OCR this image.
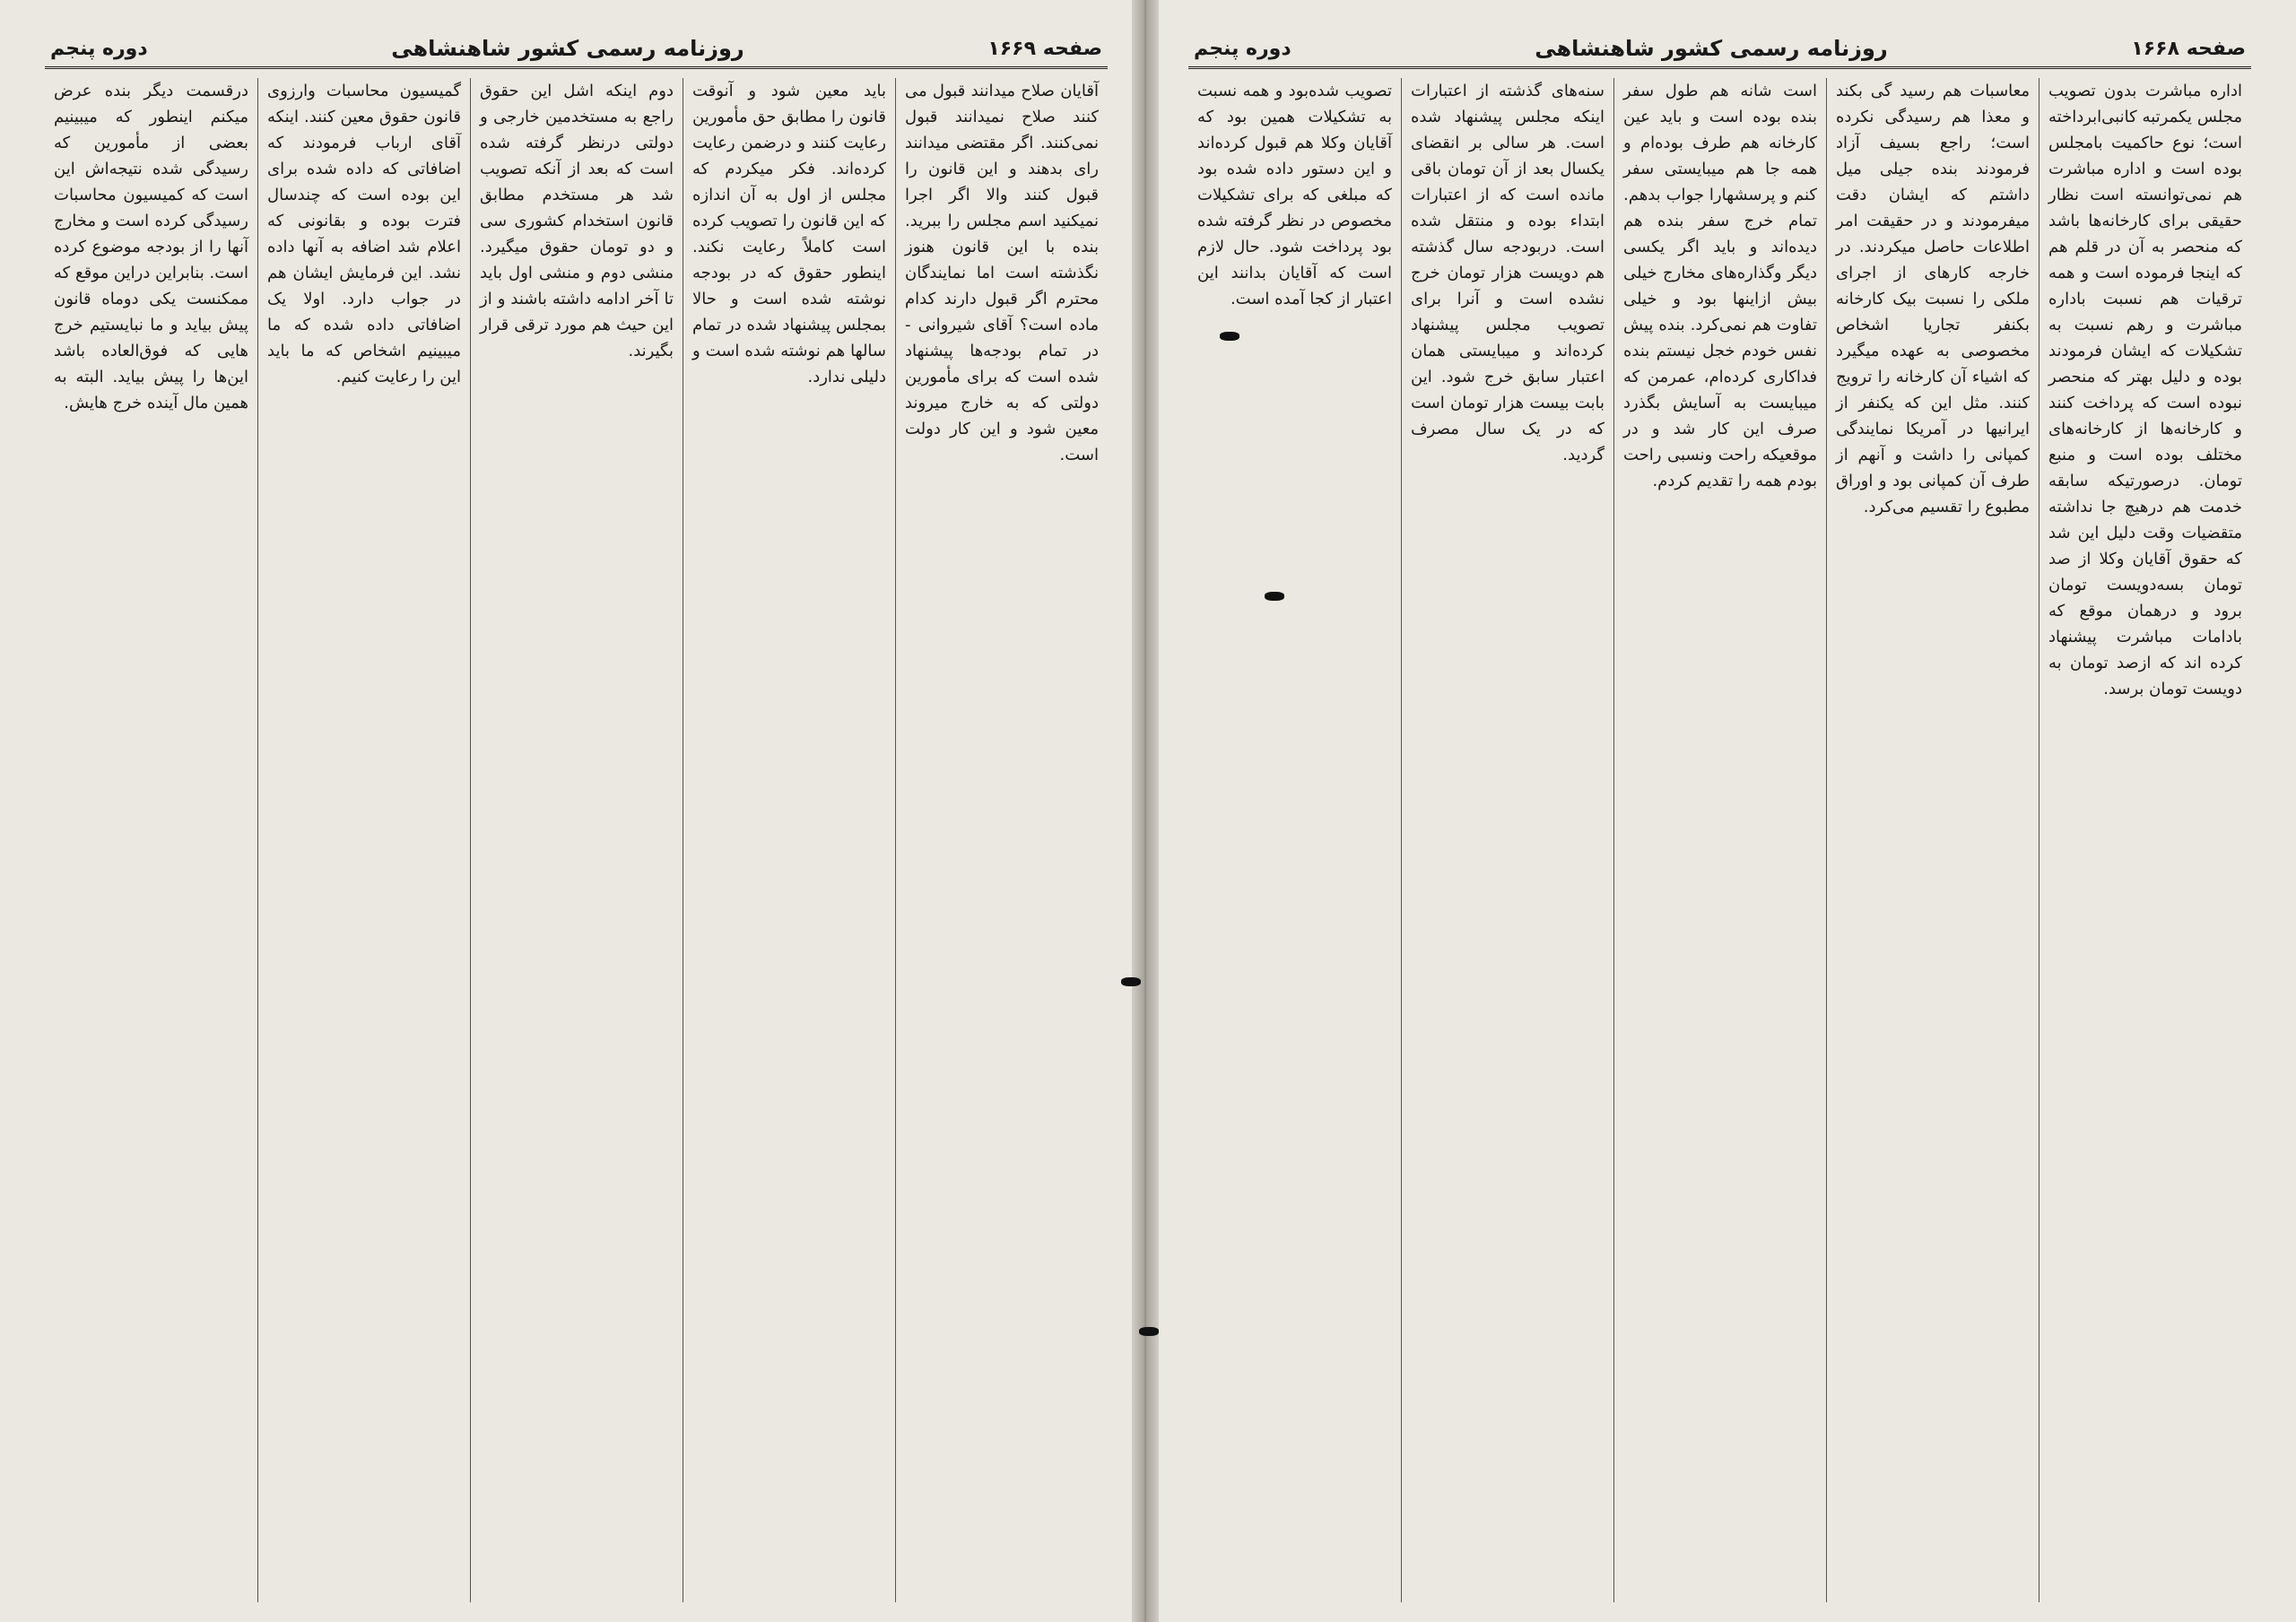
صفحه ۱۶۶۸
روزنامه رسمی کشور شاهنشاهی
دوره پنجم

اداره مباشرت بدون تصویب مجلس یکمرتبه کانبی‌ابرداخته است؛ نوع حاکمیت بامجلس بوده است و اداره مباشرت هم نمی‌توانسته است نظار حقیقی برای کارخانه‌ها باشد که منحصر به آن در قلم هم که اینجا فرموده است و همه ترقیات هم نسبت باداره مباشرت و رهم نسبت به تشکیلات که ایشان فرمودند بوده و دلیل بهتر که منحصر نبوده است که پرداخت کنند و کارخانه‌ها از کارخانه‌های مختلف بوده است و منبع تومان. درصورتیکه سابقه خدمت هم درهیچ جا نداشته متقضیات وقت دلیل این شد که حقوق آقایان وکلا از صد تومان بسه‌دویست تومان برود و درهمان موقع که بادامات مباشرت پیشنهاد کرده اند که ازصد تومان به دویست تومان برسد.

معاسبات هم رسید گی بکند و معذا هم رسیدگی نکرده است؛ راجع بسیف آزاد فرمودند بنده جیلی میل داشتم که ایشان دقت میفرمودند و در حقیقت امر اطلاعات حاصل میکردند. در خارجه کارهای از اجرای ملکی را نسبت بیک کارخانه بکنفر تجاریا اشخاص مخصوصی به عهده میگیرد که اشیاء آن کارخانه را ترویج کنند. مثل این که یکنفر از ایرانیها در آمریکا نمایندگی کمپانی را داشت و آنهم از طرف آن کمپانی بود و اوراق مطبوع را تقسیم می‌کرد.

است شانه هم طول سفر بنده بوده است و باید عین کارخانه هم طرف بوده‌ام و همه جا هم میبایستی سفر کنم و پرسشهارا جواب بدهم. تمام خرج سفر بنده هم دیده‌اند و باید اگر یکسی دیگر وگذاره‌های مخارج خیلی بیش ازاینها بود و خیلی تفاوت هم نمی‌کرد. بنده پیش نفس خودم خجل نیستم بنده فداکاری کرده‌ام، عمرمن که میبایست به آسایش بگذرد صرف این کار شد و در موقعیکه راحت ونسبی راحت بودم همه را تقدیم کردم.

سنه‌های گذشته از اعتبارات اینکه مجلس پیشنهاد شده است. هر سالی بر انقضای یکسال بعد از آن تومان باقی مانده است که از اعتبارات ابتداء بوده و منتقل شده است. دربودجه سال گذشته هم دویست هزار تومان خرج نشده است و آنرا برای تصویب مجلس پیشنهاد کرده‌اند و میبایستی همان اعتبار سابق خرج شود. این بابت بیست هزار تومان است که در یک سال مصرف گردید.

تصویب شده‌بود و همه نسبت به تشکیلات همین بود که آقایان وکلا هم قبول کرده‌اند و این دستور داده شده بود که مبلغی که برای تشکیلات مخصوص در نظر گرفته شده بود پرداخت شود. حال لازم است که آقایان بدانند این اعتبار از کجا آمده است.

صفحه ۱۶۶۹
روزنامه رسمی کشور شاهنشاهی
دوره پنجم

آقایان صلاح میدانند قبول می کنند صلاح نمیدانند قبول نمی‌کنند. اگر مقتضی میدانند رای بدهند و این قانون را قبول کنند والا اگر اجرا نمیکنید اسم مجلس را ببرید. بنده با این قانون هنوز نگذشته است اما نمایندگان محترم اگر قبول دارند کدام ماده است؟ آقای شیروانی - در تمام بودجه‌ها پیشنهاد شده است که برای مأمورین دولتی که به خارج میروند معین شود و این کار دولت است.

باید معین شود و آنوقت قانون را مطابق حق مأمورین رعایت کنند و درضمن رعایت کرده‌اند. فکر میکردم که مجلس از اول به آن اندازه که این قانون را تصویب کرده است کاملاً رعایت نکند. اینطور حقوق که در بودجه نوشته شده است و حالا بمجلس پیشنهاد شده در تمام سالها هم نوشته شده است و دلیلی ندارد.

دوم اینکه اشل این حقوق راجع به مستخدمین خارجی و دولتی درنظر گرفته شده است که بعد از آنکه تصویب شد هر مستخدم مطابق قانون استخدام کشوری سی و دو تومان حقوق میگیرد. منشی دوم و منشی اول باید تا آخر ادامه داشته باشند و از این حیث هم مورد ترقی قرار بگیرند.

گمیسیون محاسبات وارزوی قانون حقوق معین کنند. اینکه آقای ارباب فرمودند که اضافاتی که داده شده برای این بوده است که چندسال فترت بوده و بقانونی که اعلام شد اضافه به آنها داده نشد. این فرمایش ایشان هم در جواب دارد. اولا یک اضافاتی داده شده که ما میبینیم اشخاص که ما باید این را رعایت کنیم.

درقسمت دیگر بنده عرض میکنم اینطور که میبینیم بعضی از مأمورین که رسیدگی شده نتیجه‌اش این است که کمیسیون محاسبات رسیدگی کرده است و مخارج آنها را از بودجه موضوع کرده است. بنابراین دراین موقع که ممکنست یکی دوماه قانون پیش بیاید و ما نبایستیم خرج هایی که فوق‌العاده باشد این‌ها را پیش بیاید. البته به همین مال آینده خرج هایش.
